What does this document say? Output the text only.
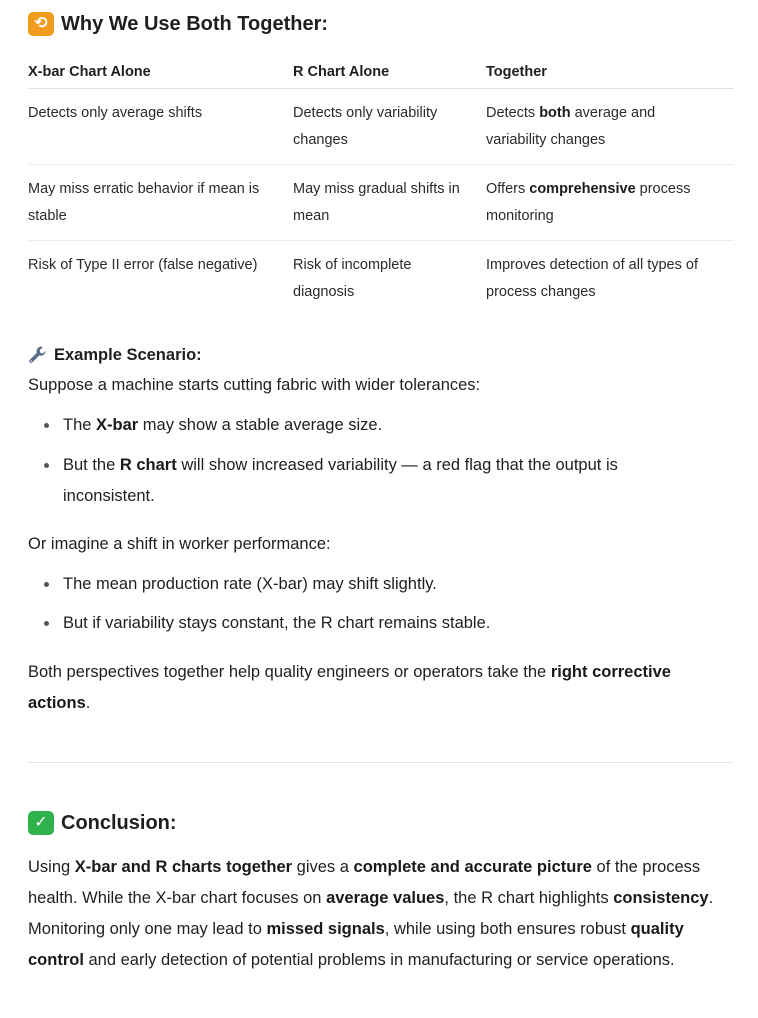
⟲ Why We Use Both Together:
X-bar Chart Alone	R Chart Alone	Together
Detects only average shifts	Detects only variability changes	Detects both average and variability changes
May miss erratic behavior if mean is stable	May miss gradual shifts in mean	Offers comprehensive process monitoring
Risk of Type II error (false negative)	Risk of incomplete diagnosis	Improves detection of all types of process changes
Example Scenario:
Suppose a machine starts cutting fabric with wider tolerances:
The X-bar may show a stable average size.
But the R chart will show increased variability — a red flag that the output is inconsistent.
Or imagine a shift in worker performance:
The mean production rate (X-bar) may shift slightly.
But if variability stays constant, the R chart remains stable.
Both perspectives together help quality engineers or operators take the right corrective actions.
✓ Conclusion:
Using X-bar and R charts together gives a complete and accurate picture of the process health. While the X-bar chart focuses on average values, the R chart highlights consistency. Monitoring only one may lead to missed signals, while using both ensures robust quality control and early detection of potential problems in manufacturing or service operations.
